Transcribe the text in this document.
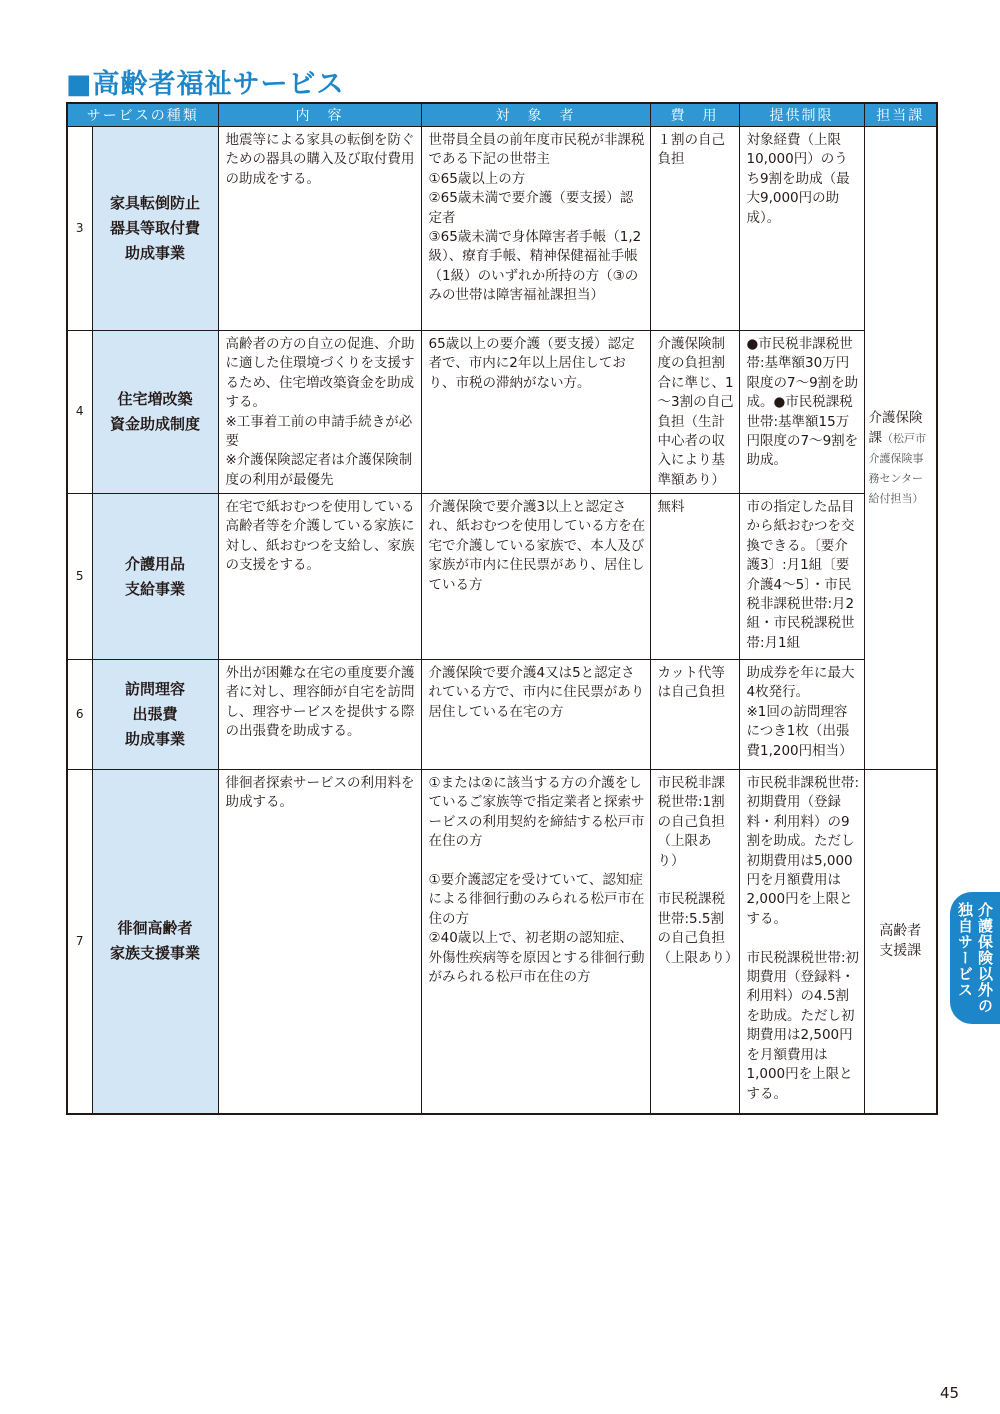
■高齢者福祉サービス
サービスの種類		内　容	対　象　者	費　用	提供制限	担当課
3	家具転倒防止
器具等取付費
助成事業	地震等による家具の転倒を防ぐための器具の購入及び取付費用の助成をする。	世帯員全員の前年度市民税が非課税である下記の世帯主
①65歳以上の方
②65歳未満で要介護（要支援）認定者
③65歳未満で身体障害者手帳（1,2級）、療育手帳、精神保健福祉手帳（1級）のいずれか所持の方（③のみの世帯は障害福祉課担当）	１割の自己負担	対象経費（上限10,000円）のうち9割を助成（最大9,000円の助成）。	介護保険課（松戸市介護保険事務センター給付担当）

4	住宅増改築
資金助成制度	高齢者の方の自立の促進、介助に適した住環境づくりを支援するため、住宅増改築資金を助成する。
※工事着工前の申請手続きが必要
※介護保険認定者は介護保険制度の利用が最優先	65歳以上の要介護（要支援）認定者で、市内に2年以上居住しており、市税の滞納がない方。	介護保険制度の負担割合に準じ、1～3割の自己負担（生計中心者の収入により基準額あり）	●市民税非課税世帯:基準額30万円限度の7～9割を助成。●市民税課税世帯:基準額15万円限度の7～9割を助成。	
5	介護用品
支給事業	在宅で紙おむつを使用している高齢者等を介護している家族に対し、紙おむつを支給し、家族の支援をする。	介護保険で要介護3以上と認定され、紙おむつを使用している方を在宅で介護している家族で、本人及び家族が市内に住民票があり、居住している方	無料	市の指定した品目から紙おむつを交換できる。〔要介護3〕:月1組〔要介護4～5〕・市民税非課税世帯:月2組・市民税課税世帯:月1組	
6	訪問理容
出張費
助成事業	外出が困難な在宅の重度要介護者に対し、理容師が自宅を訪問し、理容サービスを提供する際の出張費を助成する。	介護保険で要介護4又は5と認定されている方で、市内に住民票があり居住している在宅の方	カット代等は自己負担	助成券を年に最大4枚発行。
※1回の訪問理容につき1枚（出張費1,200円相当）	
7	徘徊高齢者
家族支援事業	徘徊者探索サービスの利用料を助成する。	①または②に該当する方の介護をしているご家族等で指定業者と探索サービスの利用契約を締結する松戸市在住の方

①要介護認定を受けていて、認知症による徘徊行動のみられる松戸市在住の方
②40歳以上で、初老期の認知症、外傷性疾病等を原因とする徘徊行動がみられる松戸市在住の方	市民税非課税世帯:1割の自己負担（上限あり）

市民税課税世帯:5.5割の自己負担（上限あり）	市民税非課税世帯:初期費用（登録料・利用料）の9割を助成。ただし初期費用は5,000円を月額費用は2,000円を上限とする。

市民税課税世帯:初期費用（登録料・利用料）の4.5割を助成。ただし初期費用は2,500円を月額費用は1,000円を上限とする。	高齢者
支援課	介護保険以外の
独自サービス
45
